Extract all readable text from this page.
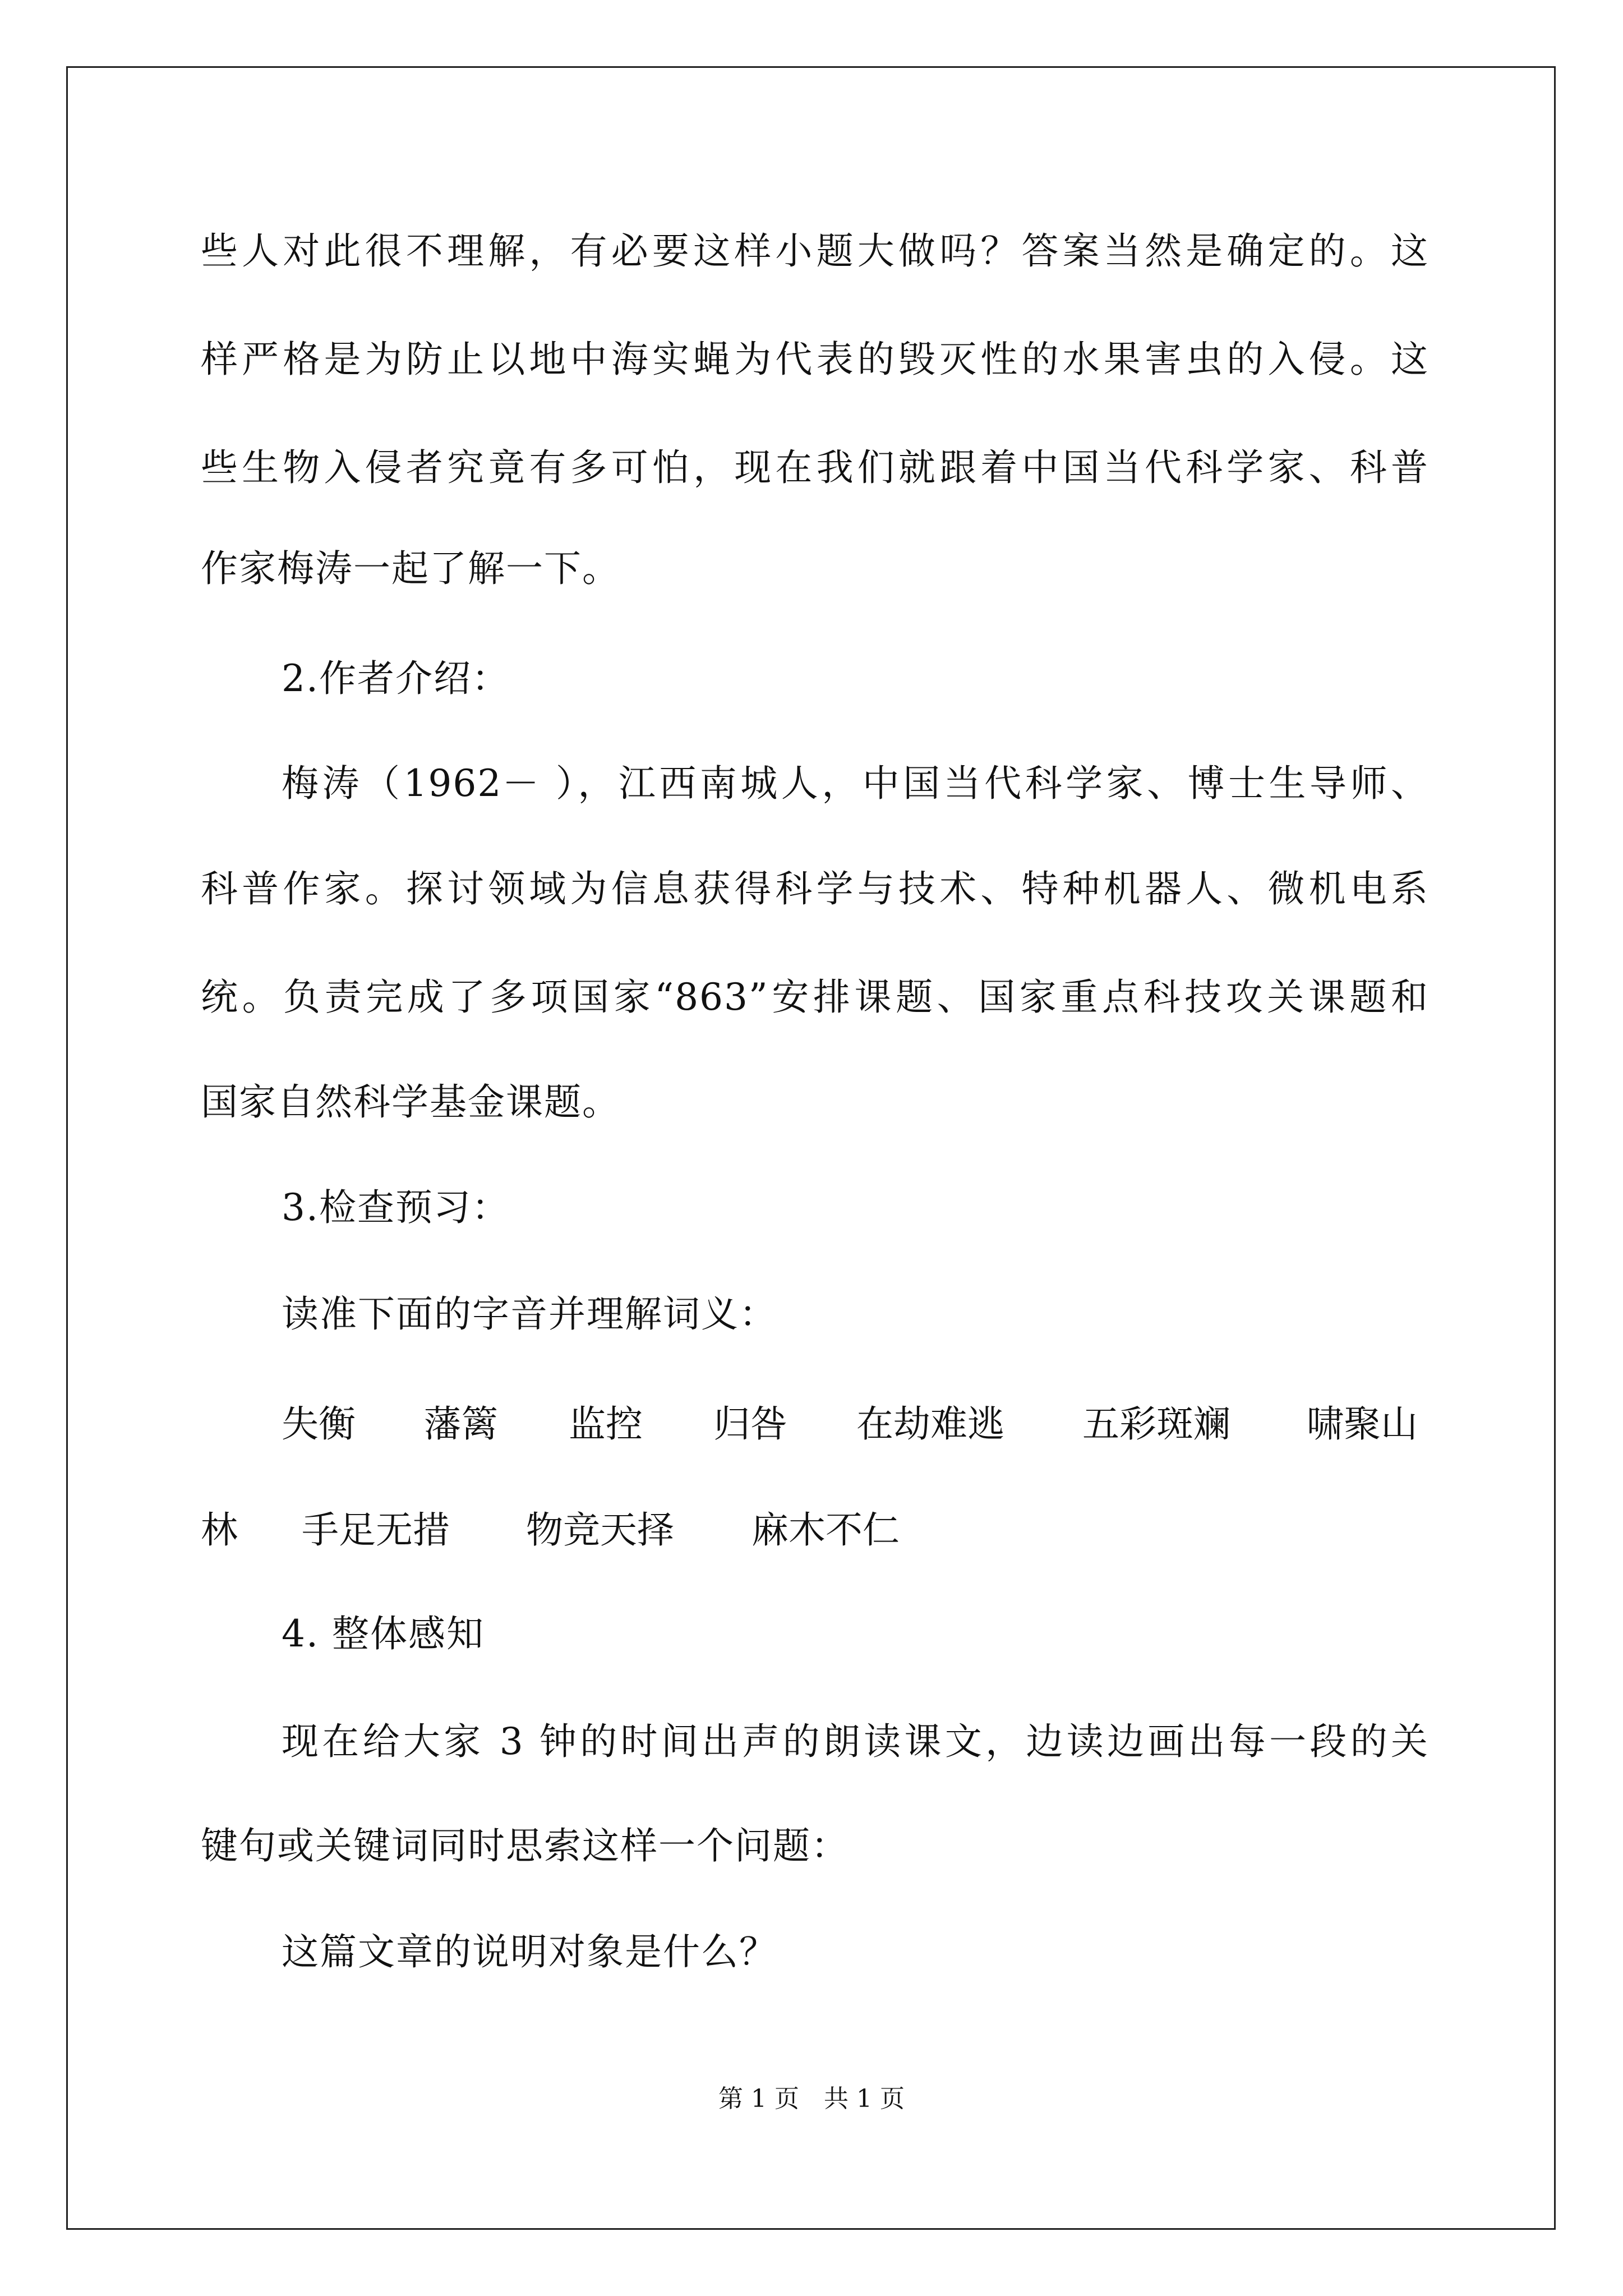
些人对此很不理解，有必要这样小题大做吗？答案当然是确定的。这
样严格是为防止以地中海实蝇为代表的毁灭性的水果害虫的入侵。这
些生物入侵者究竟有多可怕，现在我们就跟着中国当代科学家、科普
作家梅涛一起了解一下。
2.作者介绍：
梅涛（1962－ ），江西南城人，中国当代科学家、博士生导师、
科普作家。探讨领域为信息获得科学与技术、特种机器人、微机电系
统。负责完成了多项国家“863”安排课题、国家重点科技攻关课题和
国家自然科学基金课题。
3.检查预习：
读准下面的字音并理解词义：
失衡 藩篱 监控 归咎 在劫难逃 五彩斑斓 啸聚山
林 手足无措 物竞天择 麻木不仁
4. 整体感知
现在给大家 3 钟的时间出声的朗读课文，边读边画出每一段的关
键句或关键词同时思索这样一个问题：
这篇文章的说明对象是什么？
第 1 页　共 1 页
